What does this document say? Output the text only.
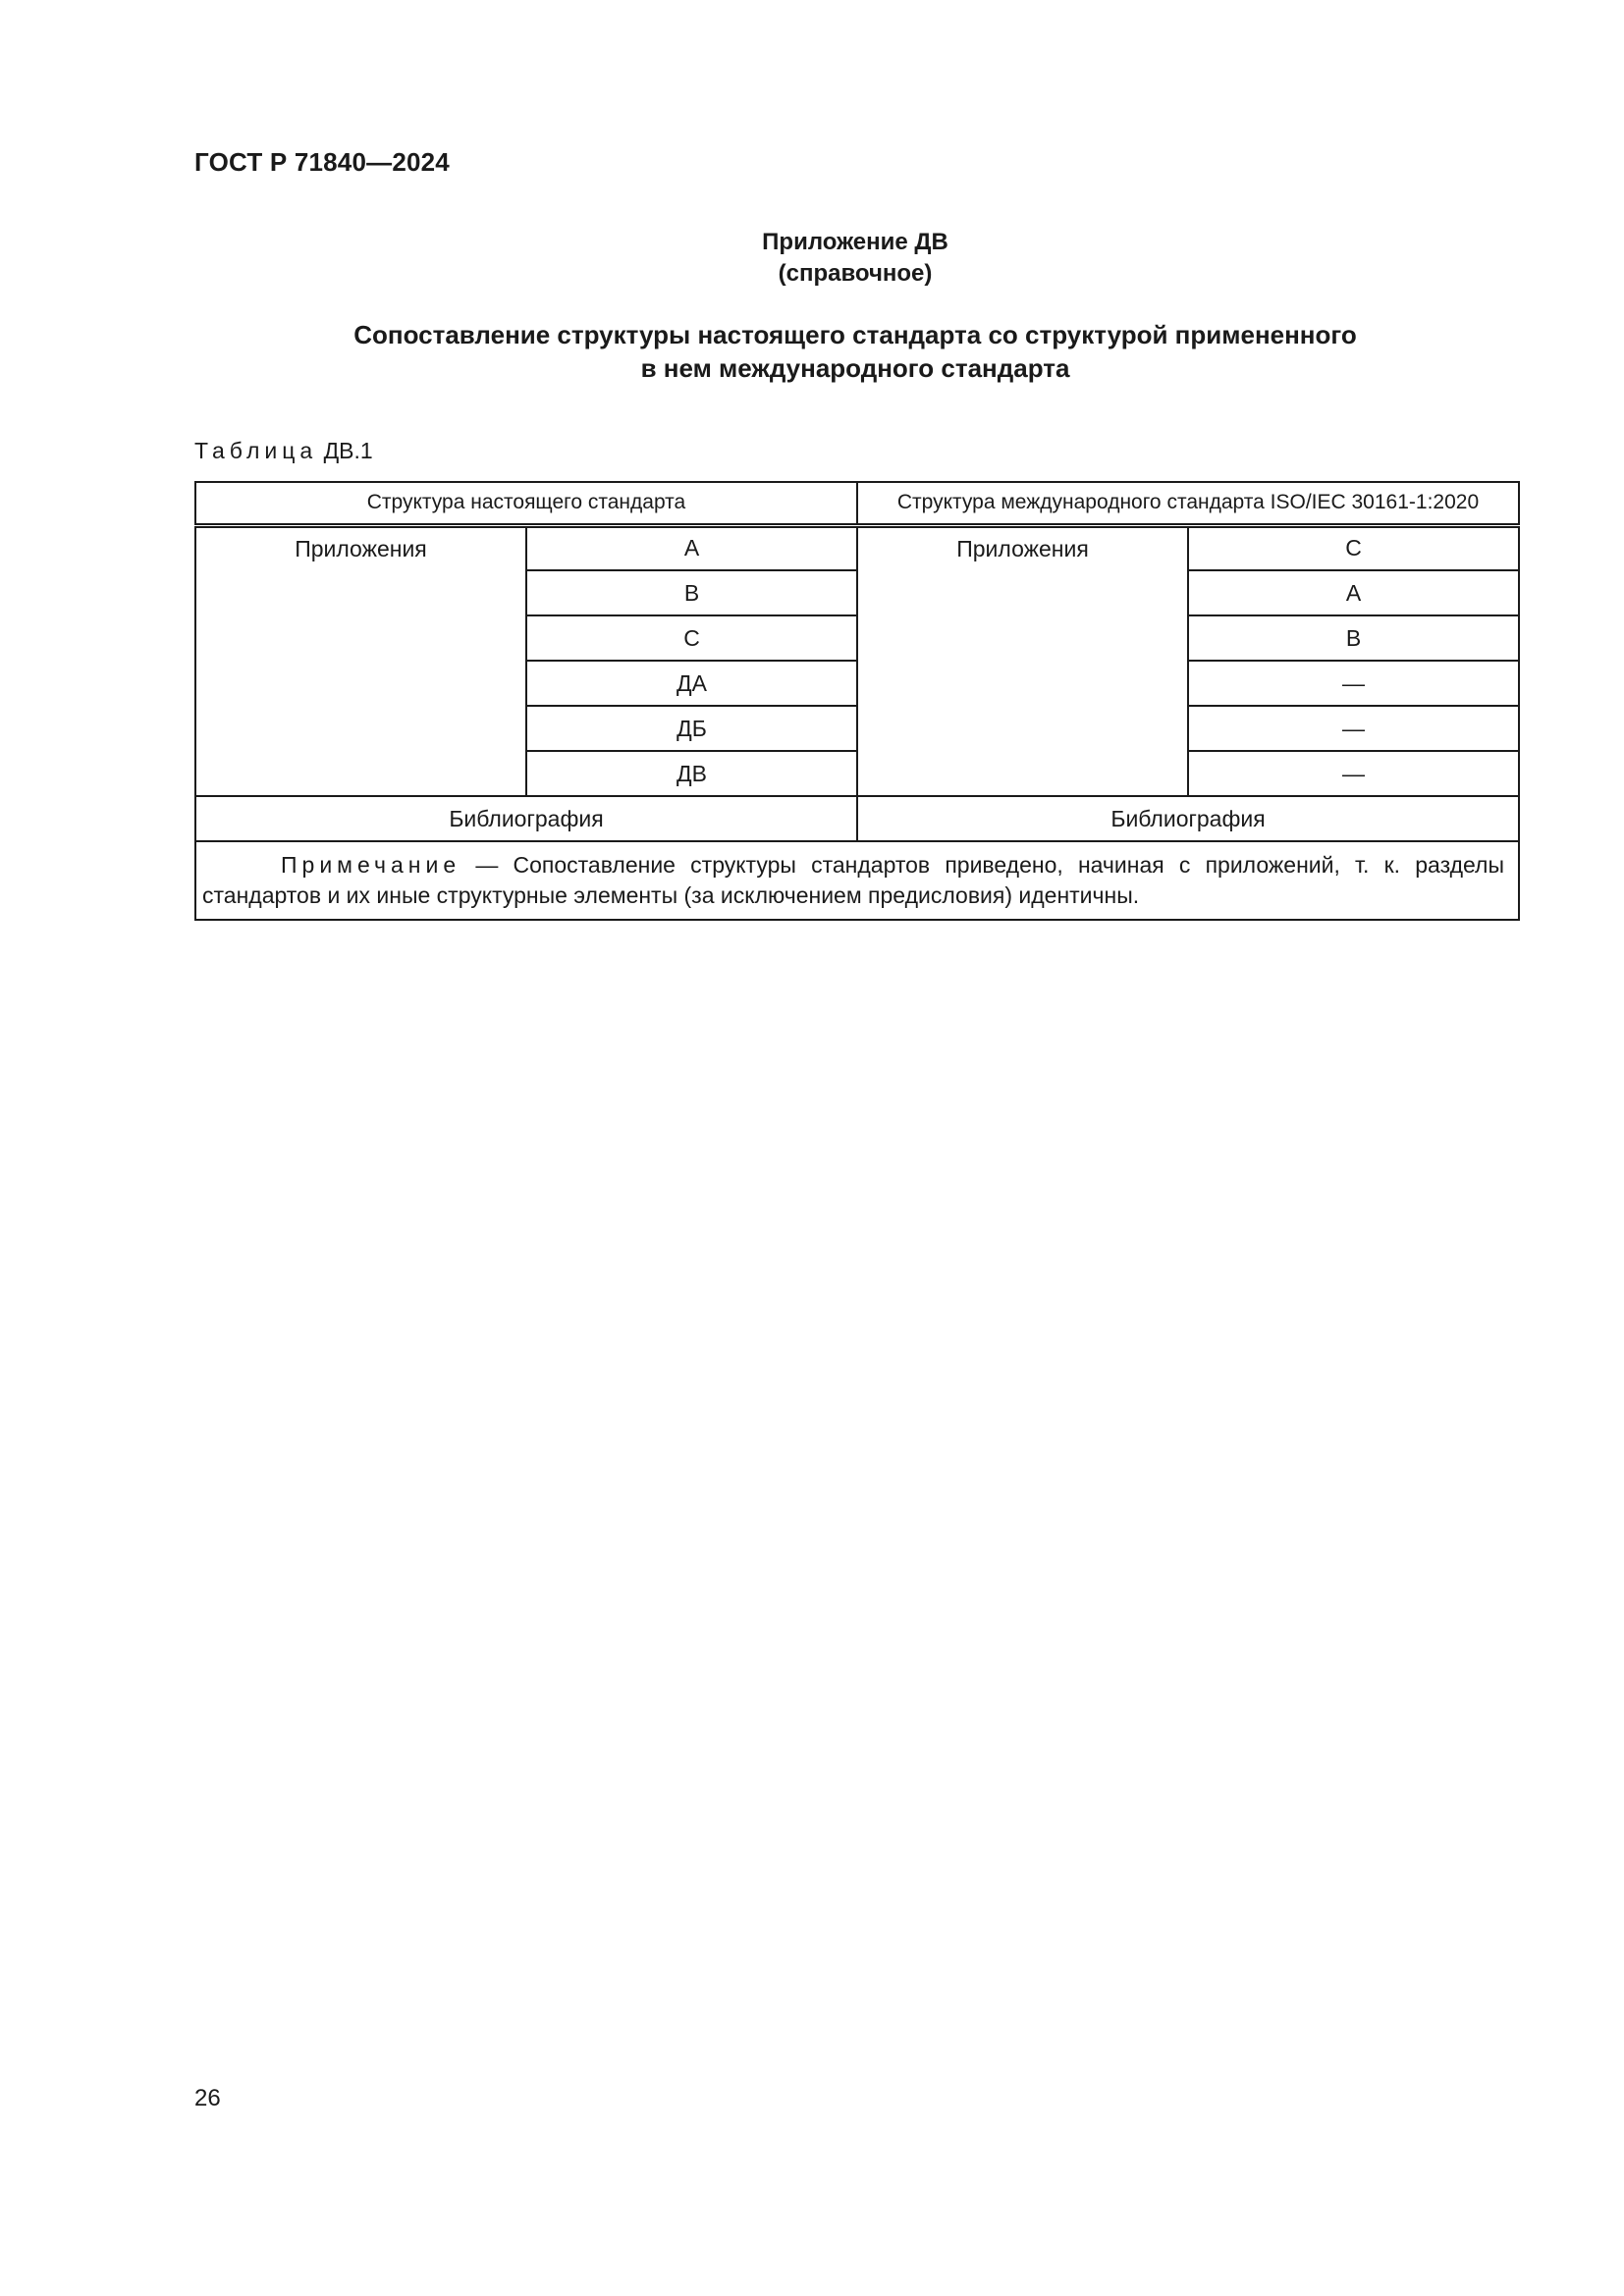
ГОСТ Р 71840—2024
Приложение ДВ
(справочное)
Сопоставление структуры настоящего стандарта со структурой примененного
в нем международного стандарта
Таблица ДВ.1
Структура настоящего стандарта		Структура международного стандарта ISO/IEC 30161-1:2020	
Приложения	А	Приложения	С
	В		А
	С		В
	ДА		—
	ДБ		—
	ДВ		—
Библиография		Библиография	
Примечание — Сопоставление структуры стандартов приведено, начиная с приложений, т. к. разделы стандартов и их иные структурные элементы (за исключением предисловия) идентичны.			
26
